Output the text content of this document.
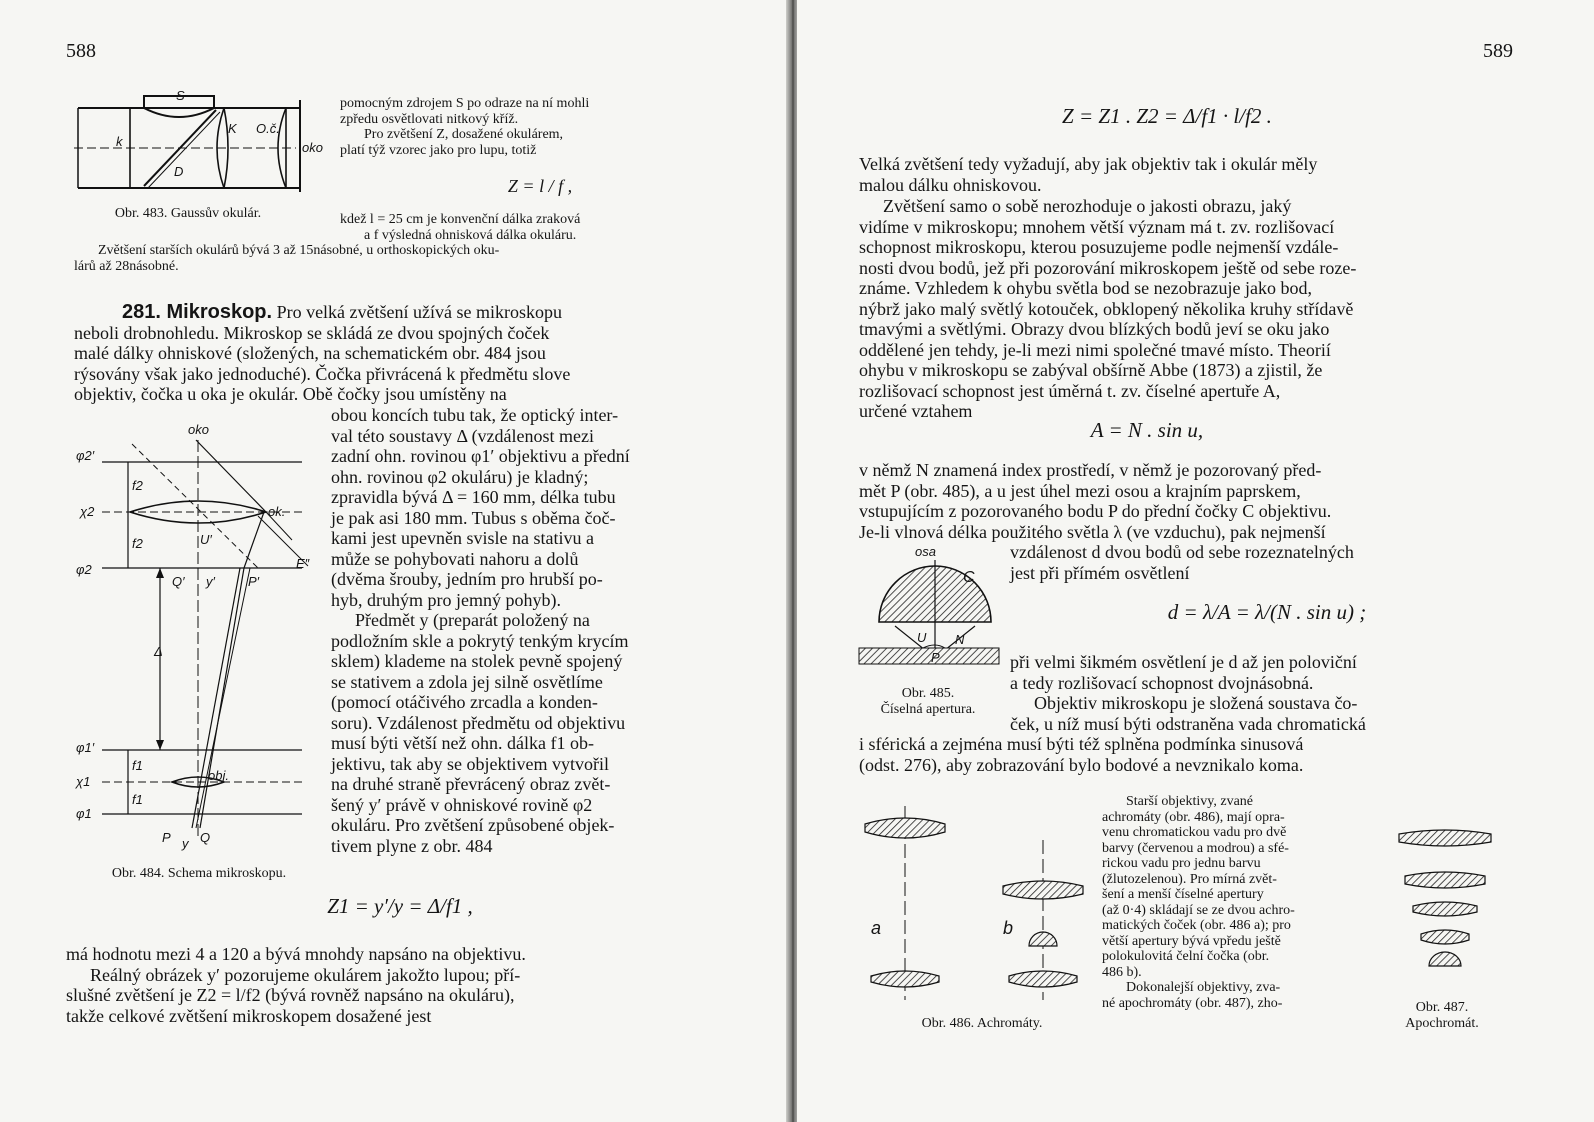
588
S
k
K O.č.
D
oko
Obr. 483. Gaussův okulár.

pomocným zdrojem S po odraze na ní mohli

zpředu osvětlovati nitkový kříž.

Pro zvětšení Z, dosažené okulárem,

platí týž vzorec jako pro lupu, totiž

Z = l / f ,

kdež l = 25 cm je konvenční dálka zraková

a f výsledná ohnisková dálka okuláru.

Zvětšení starších okulárů bývá 3 až 15násobné, u orthoskopických oku-

lárů až 28násobné.

281. Mikroskop. Pro velká zvětšení užívá se mikroskopu

neboli drobnohledu. Mikroskop se skládá ze dvou spojných čoček

malé dálky ohniskové (složených, na schematickém obr. 484 jsou

rýsovány však jako jednoduché). Čočka přivrácená k předmětu slove

objektiv, čočka u oka je okulár. Obě čočky jsou umístěny na

obou koncích tubu tak, že optický inter-

val této soustavy Δ (vzdálenost mezi

zadní ohn. rovinou φ1′ objektivu a přední

ohn. rovinou φ2 okuláru) je kladný;

zpravidla bývá Δ = 160 mm, délka tubu

je pak asi 180 mm. Tubus s oběma čoč-

kami jest upevněn svisle na stativu a

může se pohybovati nahoru a dolů

(dvěma šrouby, jedním pro hrubší po-

hyb, druhým pro jemný pohyb).

Předmět y (preparát položený na

podložním skle a pokrytý tenkým krycím

sklem) klademe na stolek pevně spojený

se stativem a zdola jej silně osvětlíme

(pomocí otáčivého zrcadla a konden-

soru). Vzdálenost předmětu od objektivu

musí býti větší než ohn. dálka f1 ob-

jektivu, tak aby se objektivem vytvořil

na druhé straně převrácený obraz zvět-

šený y′ právě v ohniskové rovině φ2

okuláru. Pro zvětšení způsobené objek-

tivem plyne z obr. 484

oko
φ2′
f2
χ2
f2
ok.
U′
φ2
Q′ y′	P′
E″
Δ
φ1′
f1
χ1	obj.
f1
φ1
P y Q
Obr. 484. Schema mikroskopu.
Z1 = y′/y = Δ/f1 ,

má hodnotu mezi 4 a 120 a bývá mnohdy napsáno na objektivu.

Reálný obrázek y′ pozorujeme okulárem jakožto lupou; pří-

slušné zvětšení je Z2 = l/f2 (bývá rovněž napsáno na okuláru),

takže celkové zvětšení mikroskopem dosažené jest

589
Z = Z1 . Z2 = Δ/f1 · l/f2 .

Velká zvětšení tedy vyžadují, aby jak objektiv tak i okulár měly

malou dálku ohniskovou.

Zvětšení samo o sobě nerozhoduje o jakosti obrazu, jaký

vidíme v mikroskopu; mnohem větší význam má t. zv. rozlišovací

schopnost mikroskopu, kterou posuzujeme podle nejmenší vzdále-

nosti dvou bodů, jež při pozorování mikroskopem ještě od sebe roze-

známe. Vzhledem k ohybu světla bod se nezobrazuje jako bod,

nýbrž jako malý světlý kotouček, obklopený několika kruhy střídavě

tmavými a světlými. Obrazy dvou blízkých bodů jeví se oku jako

oddělené jen tehdy, je-li mezi nimi společné tmavé místo. Theorií

ohybu v mikroskopu se zabýval obšírně Abbe (1873) a zjistil, že

rozlišovací schopnost jest úměrná t. zv. číselné apertuře A,

určené vztahem

A = N . sin u,

v němž N znamená index prostředí, v němž je pozorovaný před-

mět P (obr. 485), a u jest úhel mezi osou a krajním paprskem,

vstupujícím z pozorovaného bodu P do přední čočky C objektivu.

Je-li vlnová délka použitého světla λ (ve vzduchu), pak nejmenší

osa
C
U N
P
Obr. 485.
Číselná apertura.

vzdálenost d dvou bodů od sebe rozeznatelných

jest při přímém osvětlení

d = λ/A = λ/(N . sin u) ;

při velmi šikmém osvětlení je d až jen poloviční

a tedy rozlišovací schopnost dvojnásobná.

Objektiv mikroskopu je složená soustava čo-

ček, u níž musí býti odstraněna vada chromatická

i sférická a zejména musí býti též splněna podmínka sinusová

(odst. 276), aby zobrazování bylo bodové a nevznikalo koma.

a	b
Obr. 486. Achromáty.

Starší objektivy, zvané

achromáty (obr. 486), mají opra-

venu chromatickou vadu pro dvě

barvy (červenou a modrou) a sfé-

rickou vadu pro jednu barvu

(žlutozelenou). Pro mírná zvět-

šení a menší číselné apertury

(až 0·4) skládají se ze dvou achro-

matických čoček (obr. 486 a); pro

větší apertury bývá vpředu ještě

polokulovitá čelní čočka (obr.

486 b).

Dokonalejší objektivy, zva-

né apochromáty (obr. 487), zho-	Obr. 487.
Apochromát.
